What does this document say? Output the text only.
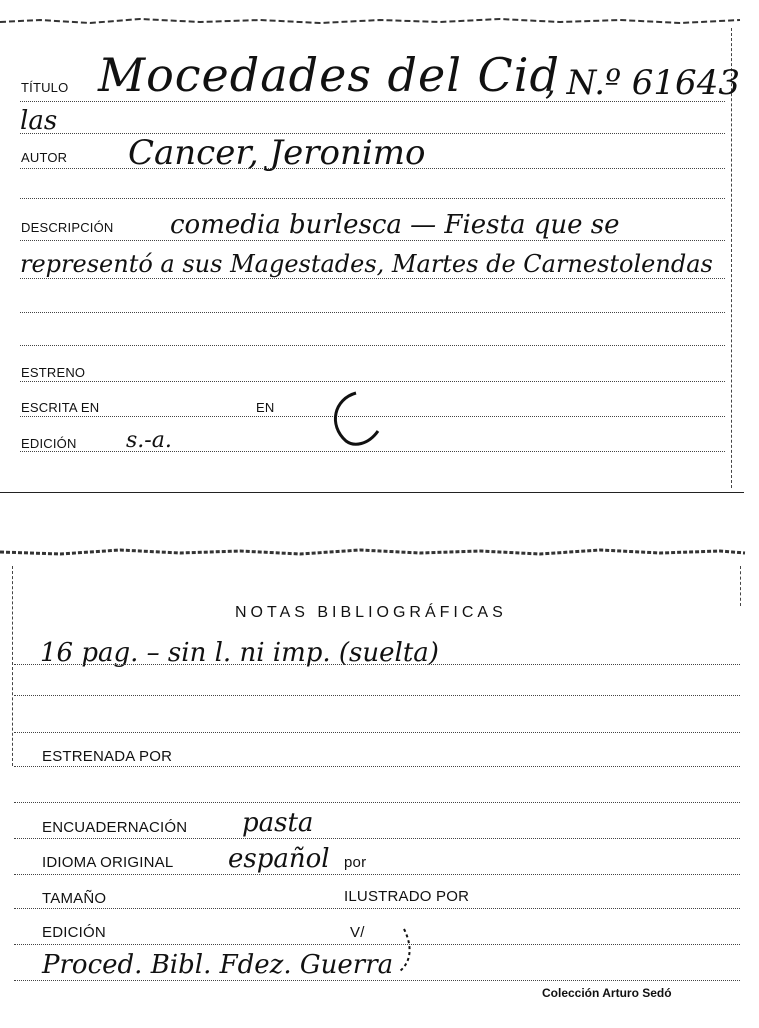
TÍTULO Mocedades del Cid
, N.º 61643
las
AUTOR Cancer, Jeronimo
DESCRIPCIÓN comedia burlesca — Fiesta que se
representó a sus Magestades, Martes de Carnestolendas
ESTRENO
ESCRITA EN	EN
EDICIÓN s.-a.
NOTAS BIBLIOGRÁFICAS
16 pag. – sin l. ni imp. (suelta)
ESTRENADA POR
ENCUADERNACIÓN pasta
IDIOMA ORIGINAL español por
TAMAÑO	ILUSTRADO POR
EDICIÓN	V/
Proced. Bibl. Fdez. Guerra
Colección Arturo Sedó
